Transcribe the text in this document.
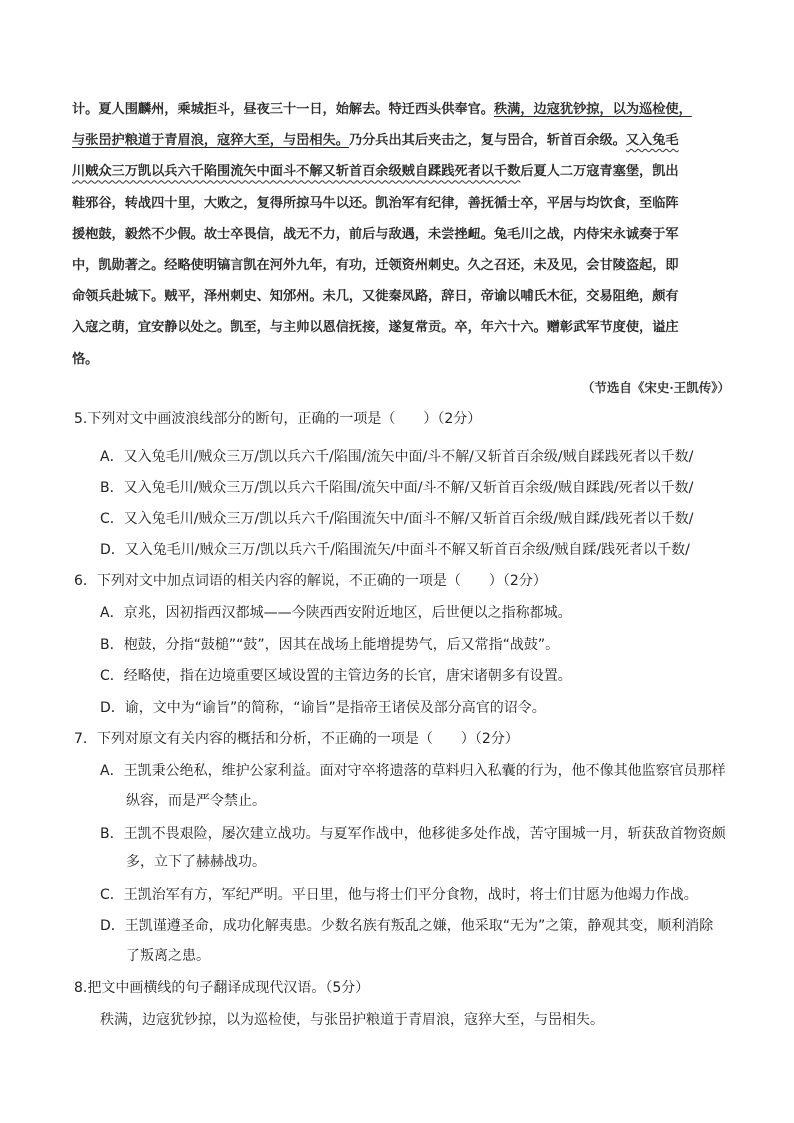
计。夏人围麟州，乘城拒斗，昼夜三十一日，始解去。特迁西头供奉官。秩满，边寇犹钞掠，以为巡检使，
与张岊护粮道于青眉浪，寇猝大至，与岊相失。乃分兵出其后夹击之，复与岊合，斩首百余级。又入兔毛
川贼众三万凯以兵六千陷围流矢中面斗不解又斩首百余级贼自蹂践死者以千数后夏人二万寇青塞堡，凯出
鞋邪谷，转战四十里，大败之，复得所掠马牛以还。凯治军有纪律，善抚循士卒，平居与均饮食，至临阵
援枹鼓，毅然不少假。故士卒畏信，战无不力，前后与敌遇，未尝挫衄。兔毛川之战，内侍宋永诚奏于军
中，凯勋著之。经略使明镐言凯在河外九年，有功，迁领资州刺史。久之召还，未及见，会甘陵盗起，即
命领兵赴城下。贼平，泽州刺史、知邠州。未几，又徙秦凤路，辞日，帝谕以哺氏木征，交易阻绝，颇有
入寇之萌，宜安静以处之。凯至，与主帅以恩信抚接，遂复常贡。卒，年六十六。赠彰武军节度使，谥庄
恪。
（节选自《宋史·王凯传》）
5.下列对文中画波浪线部分的断句，正确的一项是（　　）（2分）
A．又入兔毛川/贼众三万/凯以兵六千/陷围/流矢中面/斗不解/又斩首百余级/贼自蹂践死者以千数/
B．又入兔毛川/贼众三万/凯以兵六千陷围/流矢中面/斗不解/又斩首百余级/贼自蹂践/死者以千数/
C．又入兔毛川/贼众三万/凯以兵六千/陷围流矢中/面斗不解/又斩首百余级/贼自蹂/践死者以千数/
D．又入兔毛川/贼众三万/凯以兵六千/陷围流矢/中面斗不解又斩首百余级/贼自蹂/践死者以千数/
6．下列对文中加点词语的相关内容的解说，不正确的一项是（　　）（2分）
A．京兆，因初指西汉都城——今陕西西安附近地区，后世便以之指称都城。
B．枹鼓，分指“鼓槌”“鼓”，因其在战场上能增提势气，后又常指“战鼓”。
C．经略使，指在边境重要区域设置的主管边务的长官，唐宋诸朝多有设置。
D．谕，文中为“谕旨”的简称，“谕旨”是指帝王诸侯及部分高官的诏令。
7．下列对原文有关内容的概括和分析，不正确的一项是（　　）（2分）
A．王凯秉公绝私，维护公家利益。面对守卒将遗落的草料归入私囊的行为，他不像其他监察官员那样
纵容，而是严令禁止。
B．王凯不畏艰险，屡次建立战功。与夏军作战中，他移徙多处作战，苦守围城一月，斩获敌首物资颇
多，立下了赫赫战功。
C．王凯治军有方，军纪严明。平日里，他与将士们平分食物，战时，将士们甘愿为他竭力作战。
D．王凯谨遵圣命，成功化解夷患。少数名族有叛乱之嫌，他采取“无为”之策，静观其变，顺利消除
了叛离之患。
8.把文中画横线的句子翻译成现代汉语。（5分）
秩满，边寇犹钞掠，以为巡检使，与张岊护粮道于青眉浪，寇猝大至，与岊相失。
